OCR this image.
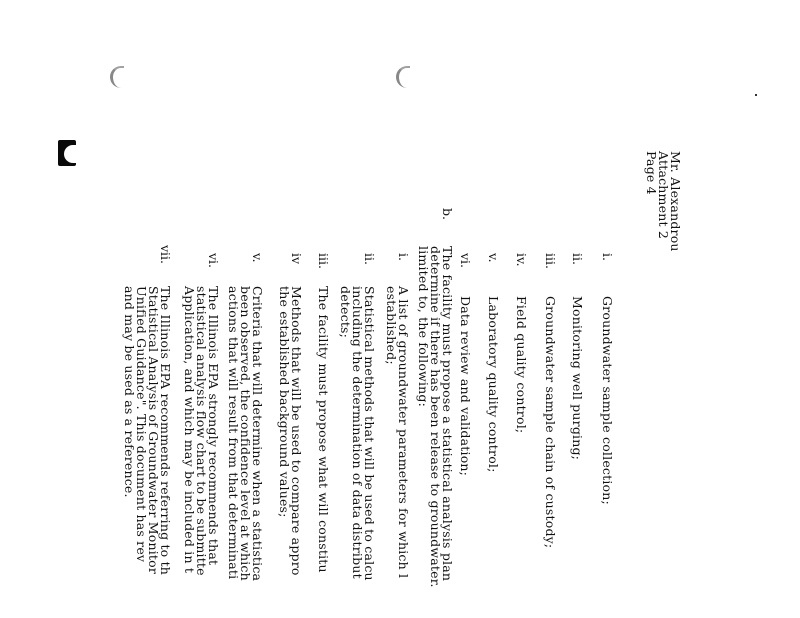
Mr. Alexandrou
Attachment 2
Page 4
i.
Groundwater sample collection;
ii.
Monitoring well purging;
iii.
Groundwater sample chain of custody;
iv.
Field quality control;
v.
Laboratory quality control;
vi.
Data review and validation;
b.
The facility must propose a statistical analysis plan
determine if there has been release to groundwater.
limited to, the following:
i.
A list of groundwater parameters for which l
established;
ii.
Statistical methods that will be used to calcu
including the determination of data distribut
detects;
iii.
The facility must propose what will constitu
iv
Methods that will be used to compare appro
the established background values;
v.
Criteria that will determine when a statistica
been observed, the confidence level at which
actions that will result from that determinati
vi.
The Illinois EPA strongly recommends that
statistical analysis flow chart to be submitte
Application, and which may be included in t
vii.
The Illinois EPA recommends referring to th
Statistical Analysis of Groundwater Monitor
Unified Guidance". This document has rev
and may be used as a reference.
